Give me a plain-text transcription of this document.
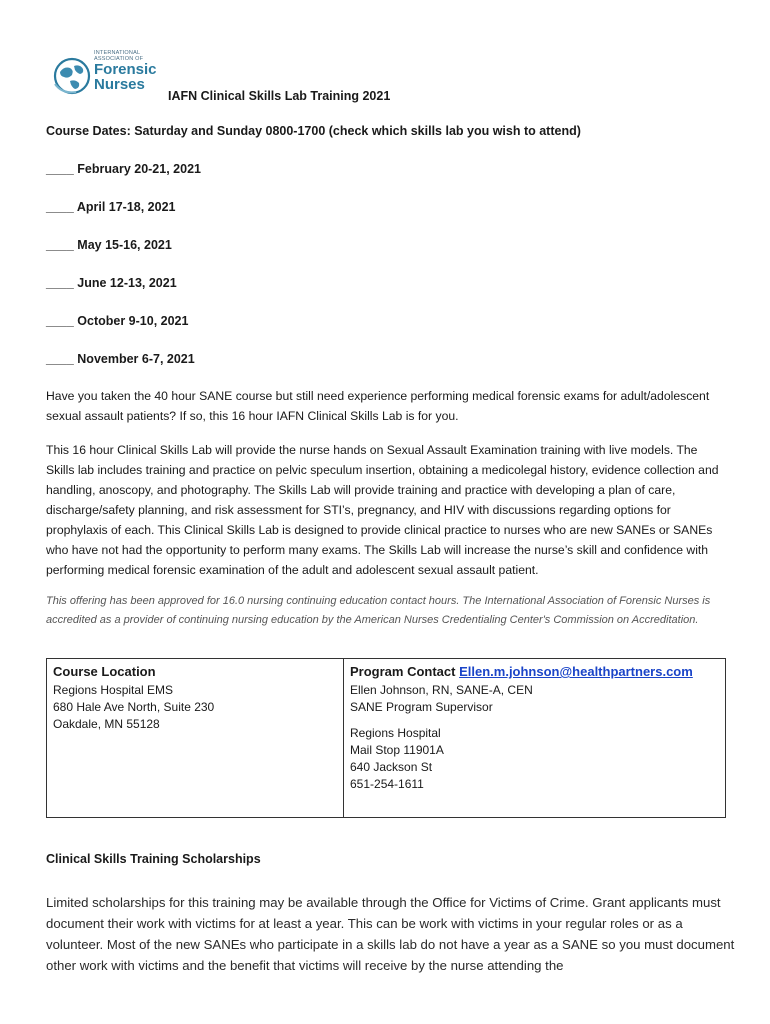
INTERNATIONAL
ASSOCIATION OF
Forensic
Nurses
IAFN Clinical Skills Lab Training 2021
Course Dates: Saturday and Sunday 0800-1700 (check which skills lab you wish to attend)
____ February 20-21, 2021
____ April 17-18, 2021
____ May 15-16, 2021
____ June 12-13, 2021
____ October 9-10, 2021
____ November 6-7, 2021
Have you taken the 40 hour SANE course but still need experience performing medical forensic exams for adult/adolescent sexual assault patients? If so, this 16 hour IAFN Clinical Skills Lab is for you.
This 16 hour Clinical Skills Lab will provide the nurse hands on Sexual Assault Examination training with live models. The Skills lab includes training and practice on pelvic speculum insertion, obtaining a medicolegal history, evidence collection and handling, anoscopy, and photography. The Skills Lab will provide training and practice with developing a plan of care, discharge/safety planning, and risk assessment for STI’s, pregnancy, and HIV with discussions regarding options for prophylaxis of each. This Clinical Skills Lab is designed to provide clinical practice to nurses who are new SANEs or SANEs who have not had the opportunity to perform many exams. The Skills Lab will increase the nurse’s skill and confidence with performing medical forensic examination of the adult and adolescent sexual assault patient.
This offering has been approved for 16.0 nursing continuing education contact hours. The International Association of Forensic Nurses is accredited as a provider of continuing nursing education by the American Nurses Credentialing Center's Commission on Accreditation.
Course Location
Regions Hospital EMS
680 Hale Ave North, Suite 230
Oakdale, MN 55128

Program Contact Ellen.m.johnson@healthpartners.com
Ellen Johnson, RN, SANE-A, CEN
SANE Program Supervisor
Regions Hospital
Mail Stop 11901A
640 Jackson St
651-254-1611
Clinical Skills Training Scholarships
Limited scholarships for this training may be available through the Office for Victims of Crime. Grant applicants must document their work with victims for at least a year. This can be work with victims in your regular roles or as a volunteer. Most of the new SANEs who participate in a skills lab do not have a year as a SANE so you must document other work with victims and the benefit that victims will receive by the nurse attending the
